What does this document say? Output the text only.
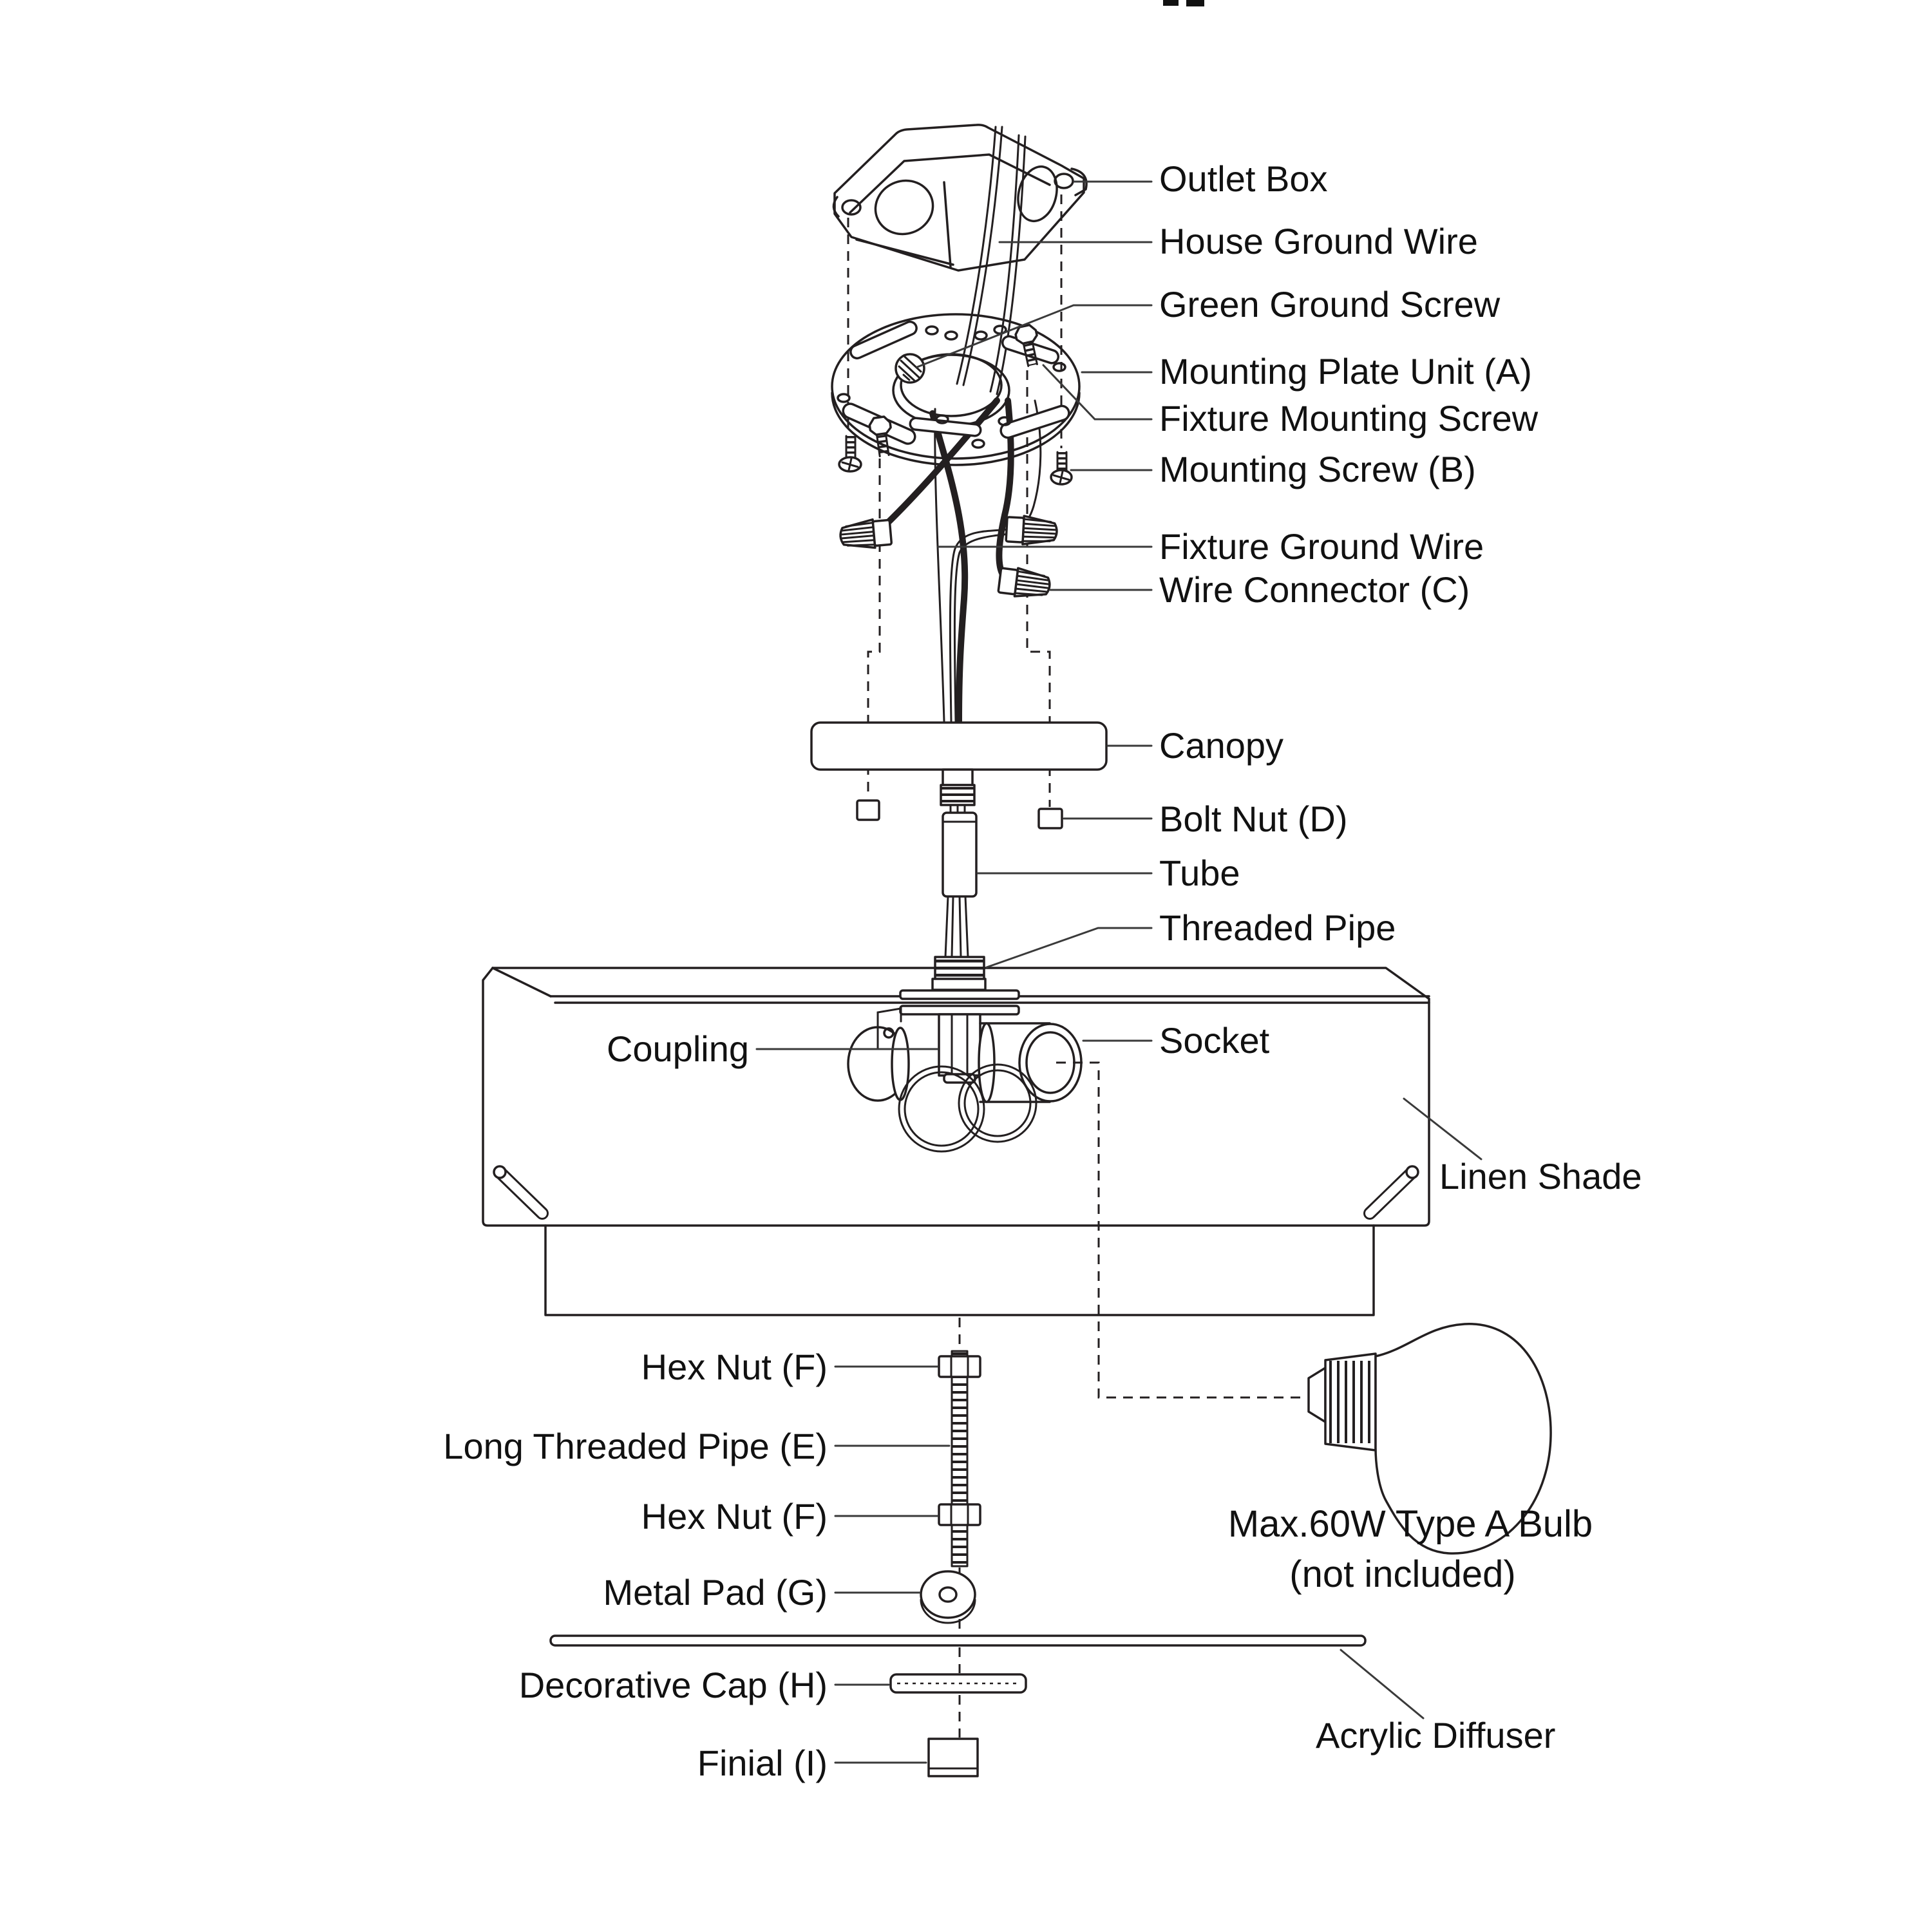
Outlet Box
House Ground Wire
Green Ground Screw
Mounting Plate Unit (A)
Fixture Mounting Screw
Mounting Screw (B)
Fixture Ground Wire
Wire Connector (C)
Canopy
Bolt Nut (D)
Tube
Threaded Pipe
Socket
Coupling
Linen Shade
Hex Nut (F)
Long Threaded Pipe (E)
Hex Nut (F)
Metal Pad (G)
Decorative Cap (H)
Finial (I)
Max.60W Type A Bulb
(not included)
Acrylic Diffuser
